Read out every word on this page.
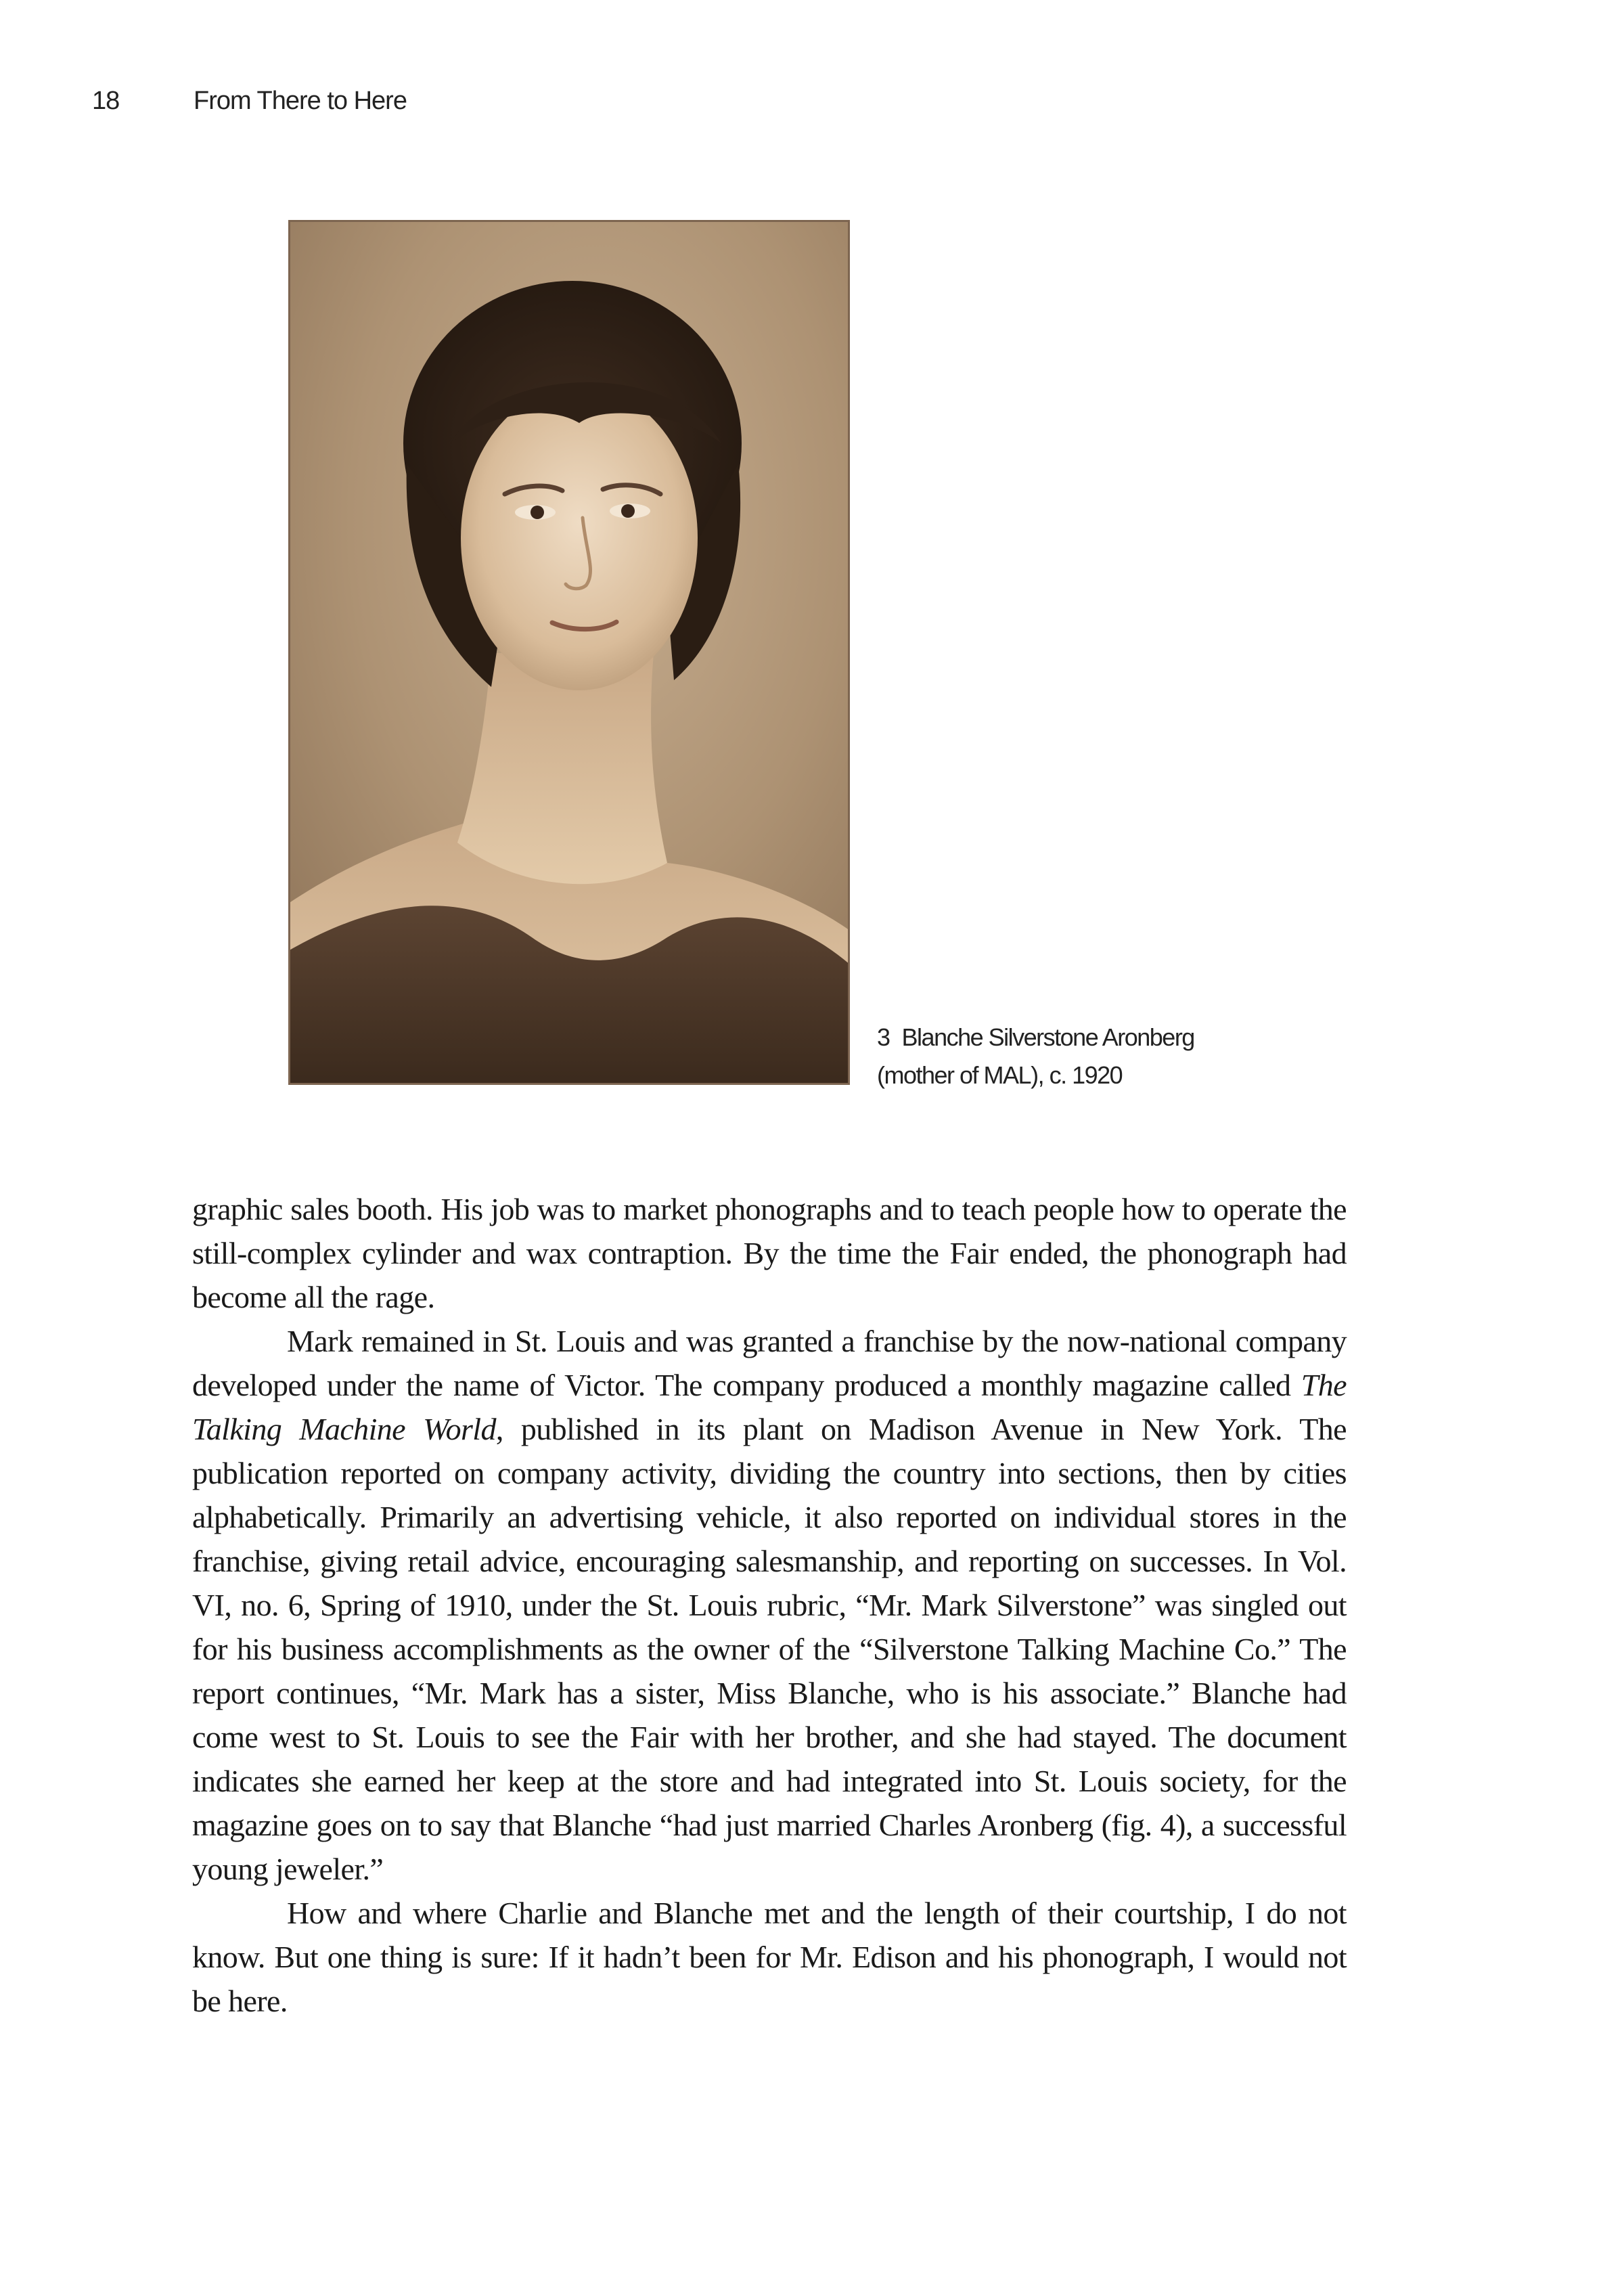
18	From There to Here
3 Blanche Silverstone Aronberg
(mother of MAL), c. 1920

graphic sales booth. His job was to market phonographs and to teach people how to operate the still-complex cylinder and wax contraption. By the time the Fair ended, the phonograph had become all the rage.

Mark remained in St. Louis and was granted a franchise by the now-national company developed under the name of Victor. The company produced a monthly magazine called The Talking Machine World, published in its plant on Madison Avenue in New York. The publication reported on company activity, dividing the country into sections, then by cities alphabetically. Primarily an advertising vehicle, it also reported on individual stores in the franchise, giving retail advice, encouraging salesmanship, and reporting on successes. In Vol. VI, no. 6, Spring of 1910, under the St. Louis rubric, “Mr. Mark Silverstone” was singled out for his business accomplishments as the owner of the “Silverstone Talking Machine Co.” The report continues, “Mr. Mark has a sister, Miss Blanche, who is his associate.” Blanche had come west to St. Louis to see the Fair with her brother, and she had stayed. The document indicates she earned her keep at the store and had integrated into St. Louis society, for the magazine goes on to say that Blanche “had just married Charles Aronberg (fig. 4), a successful young jeweler.”

How and where Charlie and Blanche met and the length of their courtship, I do not know. But one thing is sure: If it hadn’t been for Mr. Edison and his phonograph, I would not be here.
